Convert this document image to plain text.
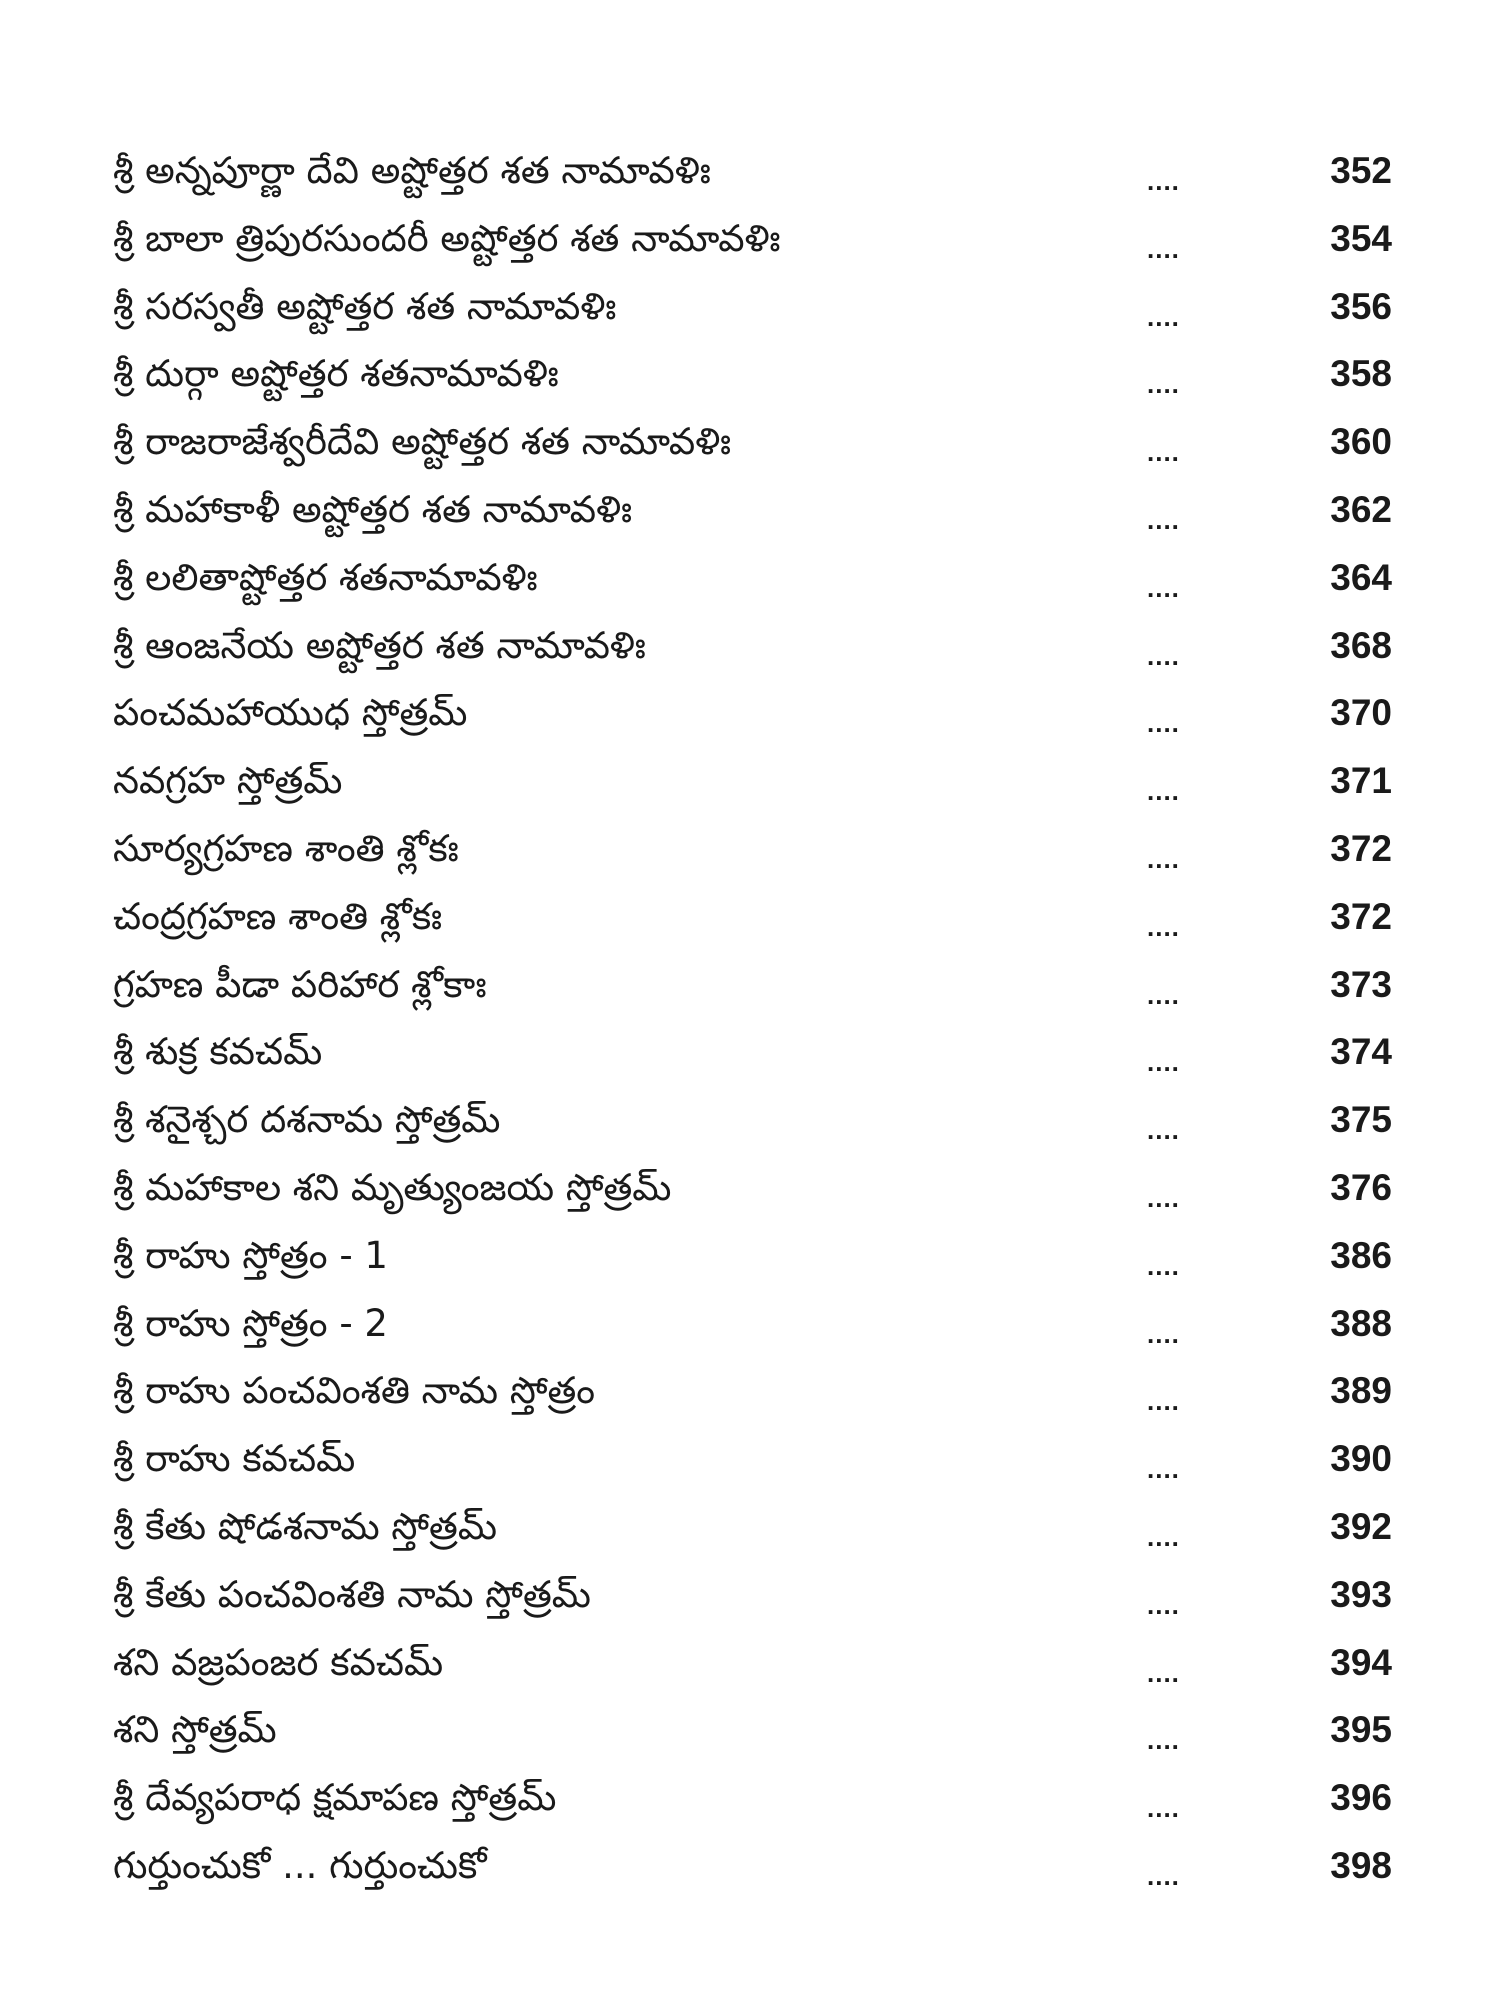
శ్రీ అన్నపూర్ణా దేవి అష్టోత్తర శత నామావళిః	....	352
శ్రీ బాలా త్రిపురసుందరీ అష్టోత్తర శత నామావళిః	....	354
శ్రీ సరస్వతీ అష్టోత్తర శత నామావళిః	....	356
శ్రీ దుర్గా అష్టోత్తర శతనామావళిః	....	358
శ్రీ రాజరాజేశ్వరీదేవి అష్టోత్తర శత నామావళిః	....	360
శ్రీ మహాకాళీ అష్టోత్తర శత నామావళిః	....	362
శ్రీ లలితాష్టోత్తర శతనామావళిః	....	364
శ్రీ ఆంజనేయ అష్టోత్తర శత నామావళిః	....	368
పంచమహాయుధ స్తోత్రమ్	....	370
నవగ్రహ స్తోత్రమ్	....	371
సూర్యగ్రహణ శాంతి శ్లోకః	....	372
చంద్రగ్రహణ శాంతి శ్లోకః	....	372
గ్రహణ పీడా పరిహార శ్లోకాః	....	373
శ్రీ శుక్ర కవచమ్	....	374
శ్రీ శనైశ్చర దశనామ స్తోత్రమ్	....	375
శ్రీ మహాకాల శని మృత్యుంజయ స్తోత్రమ్	....	376
శ్రీ రాహు స్తోత్రం - 1	....	386
శ్రీ రాహు స్తోత్రం - 2	....	388
శ్రీ రాహు పంచవింశతి నామ స్తోత్రం	....	389
శ్రీ రాహు కవచమ్	....	390
శ్రీ కేతు షోడశనామ స్తోత్రమ్	....	392
శ్రీ కేతు పంచవింశతి నామ స్తోత్రమ్	....	393
శని వజ్రపంజర కవచమ్	....	394
శని స్తోత్రమ్	....	395
శ్రీ దేవ్యపరాధ క్షమాపణ స్తోత్రమ్	....	396
గుర్తుంచుకో ... గుర్తుంచుకో	....	398
